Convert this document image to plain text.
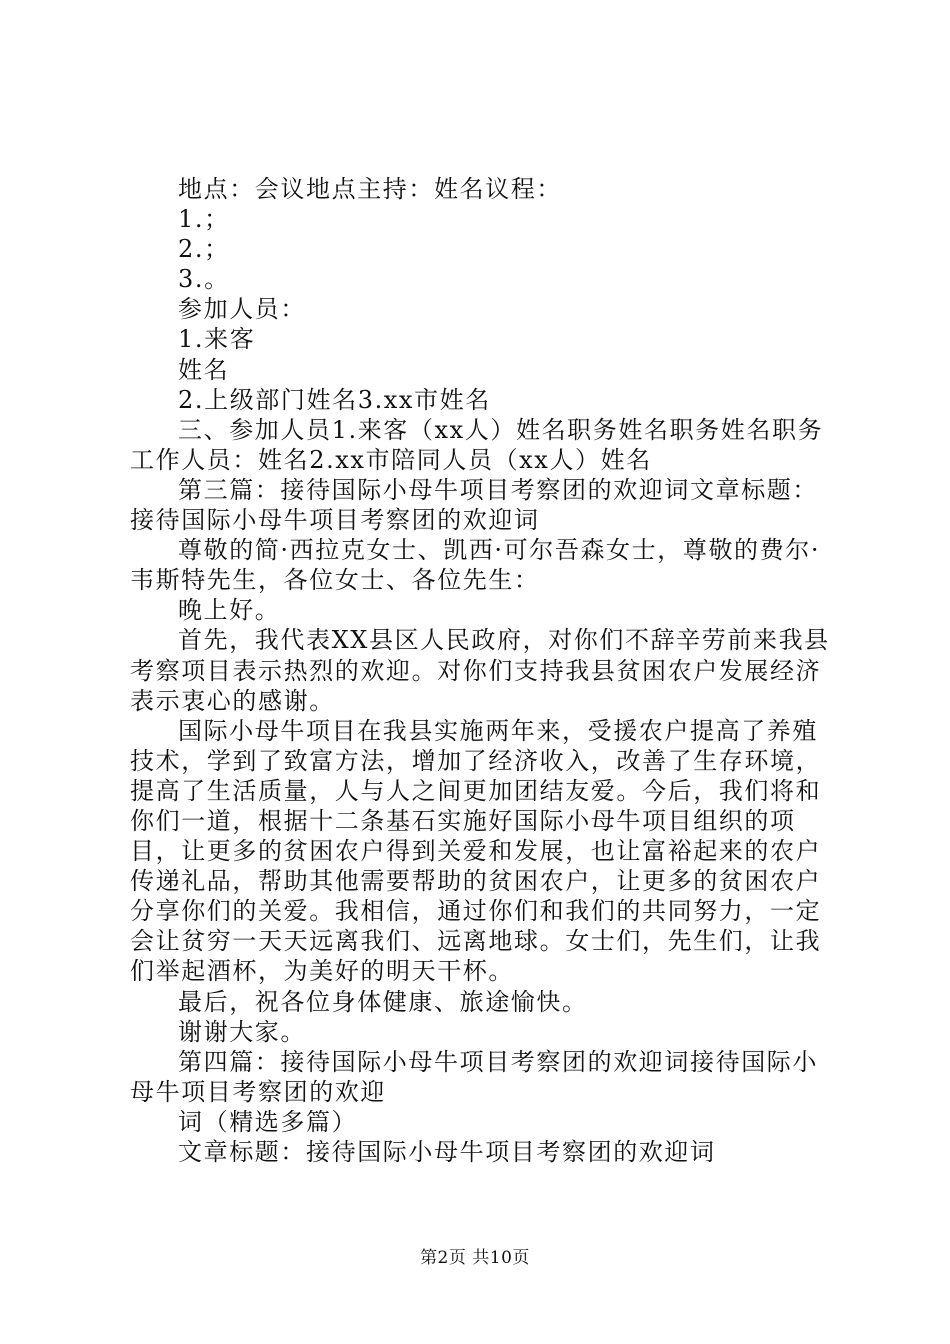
地点：会议地点主持：姓名议程：

1.；

2.；

3.。

参加人员：

1.来客

姓名

2.上级部门姓名3.xx市姓名

三、参加人员1.来客（xx人）姓名职务姓名职务姓名职务工作人员：姓名2.xx市陪同人员（xx人）姓名

第三篇：接待国际小母牛项目考察团的欢迎词文章标题：接待国际小母牛项目考察团的欢迎词

尊敬的简·西拉克女士、凯西·可尔吾森女士，尊敬的费尔·韦斯特先生，各位女士、各位先生：

晚上好。

首先，我代表XX县区人民政府，对你们不辞辛劳前来我县考察项目表示热烈的欢迎。对你们支持我县贫困农户发展经济表示衷心的感谢。

国际小母牛项目在我县实施两年来，受援农户提高了养殖技术，学到了致富方法，增加了经济收入，改善了生存环境，提高了生活质量，人与人之间更加团结友爱。今后，我们将和你们一道，根据十二条基石实施好国际小母牛项目组织的项目，让更多的贫困农户得到关爱和发展，也让富裕起来的农户传递礼品，帮助其他需要帮助的贫困农户，让更多的贫困农户分享你们的关爱。我相信，通过你们和我们的共同努力，一定会让贫穷一天天远离我们、远离地球。女士们，先生们，让我们举起酒杯，为美好的明天干杯。

最后，祝各位身体健康、旅途愉快。

谢谢大家。

第四篇：接待国际小母牛项目考察团的欢迎词接待国际小母牛项目考察团的欢迎

词（精选多篇）

文章标题：接待国际小母牛项目考察团的欢迎词

第2页 共10页
